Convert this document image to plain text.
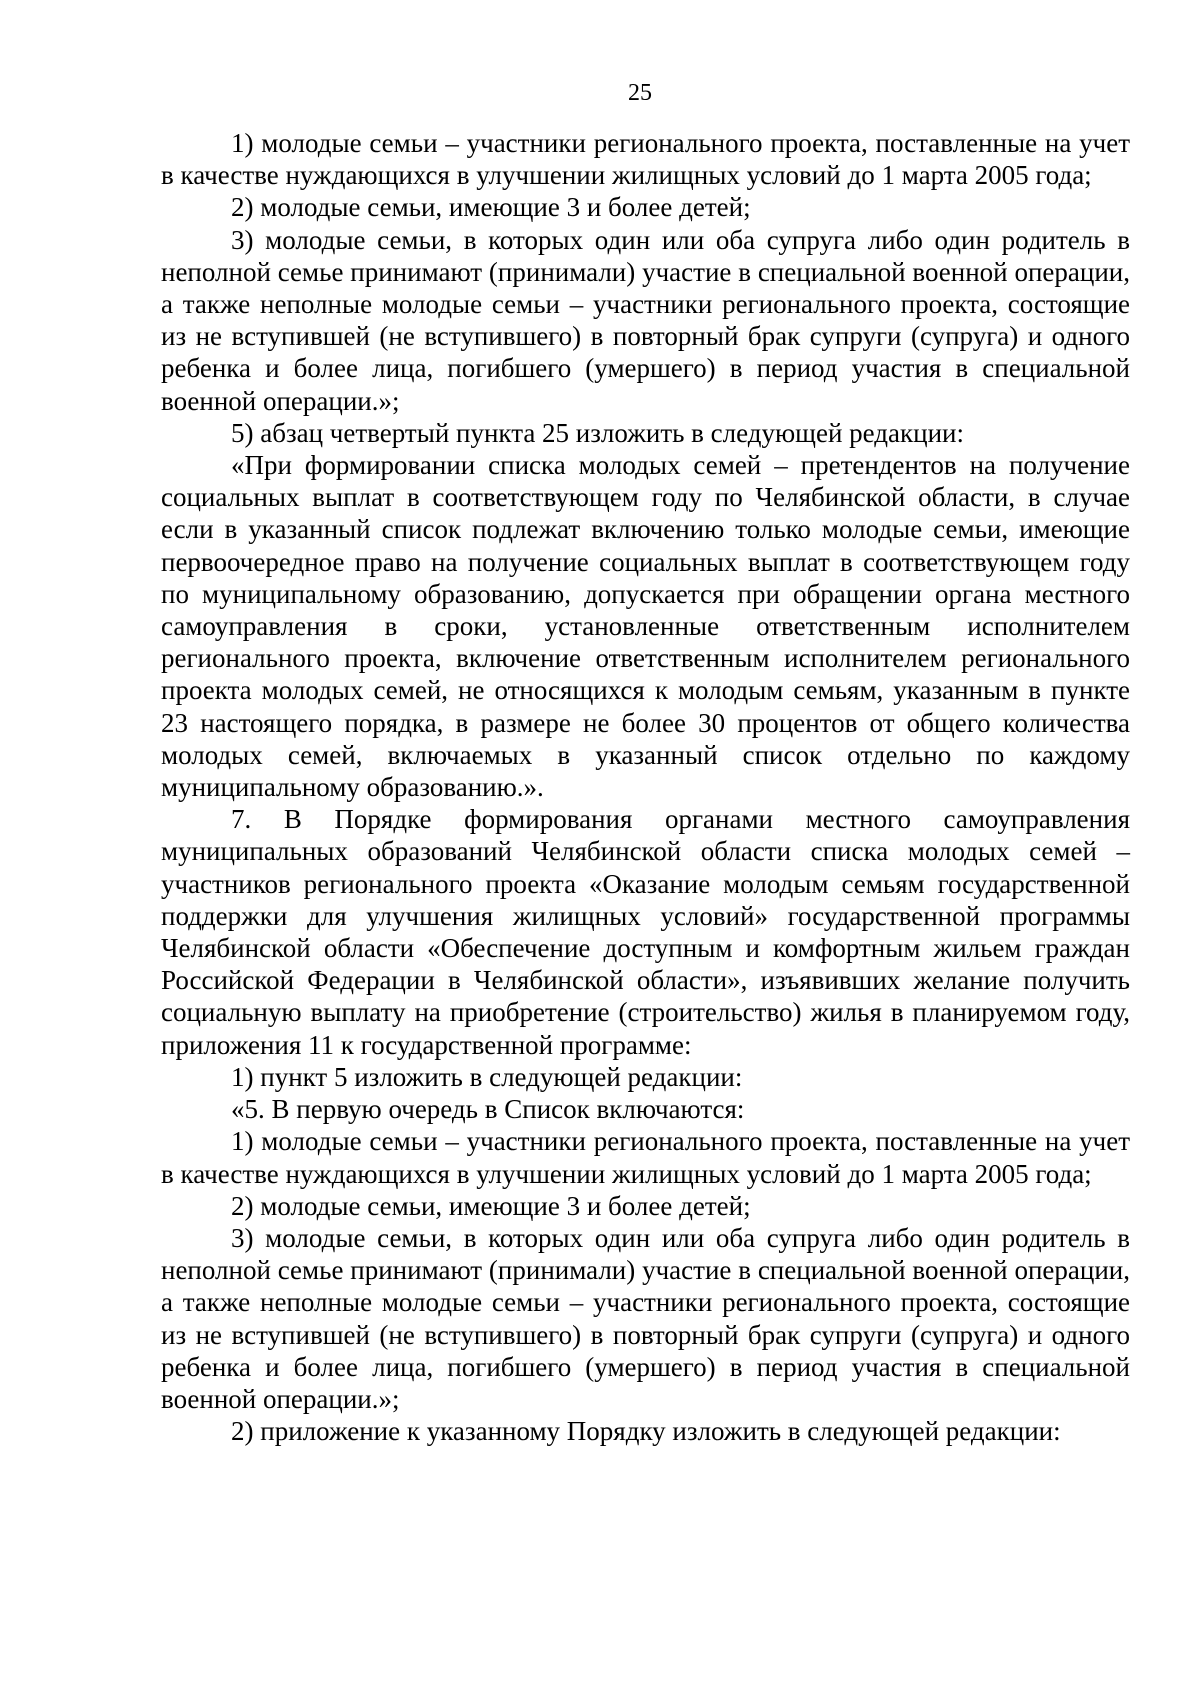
25

1) молодые семьи – участники регионального проекта, поставленные на учет в качестве нуждающихся в улучшении жилищных условий до 1 марта 2005 года;

2) молодые семьи, имеющие 3 и более детей;

3) молодые семьи, в которых один или оба супруга либо один родитель в неполной семье принимают (принимали) участие в специальной военной операции, а также неполные молодые семьи – участники регионального проекта, состоящие из не вступившей (не вступившего) в повторный брак супруги (супруга) и одного ребенка и более лица, погибшего (умершего) в период участия в специальной военной операции.»;

5) абзац четвертый пункта 25 изложить в следующей редакции:

«При формировании списка молодых семей – претендентов на получение социальных выплат в соответствующем году по Челябинской области, в случае если в указанный список подлежат включению только молодые семьи, имеющие первоочередное право на получение социальных выплат в соответствующем году по муниципальному образованию, допускается при обращении органа местного самоуправления в сроки, установленные ответственным исполнителем регионального проекта, включение ответственным исполнителем регионального проекта молодых семей, не относящихся к молодым семьям, указанным в пункте 23 настоящего порядка, в размере не более 30 процентов от общего количества молодых семей, включаемых в указанный список отдельно по каждому муниципальному образованию.».

7. В Порядке формирования органами местного самоуправления муниципальных образований Челябинской области списка молодых семей – участников регионального проекта «Оказание молодым семьям государственной поддержки для улучшения жилищных условий» государственной программы Челябинской области «Обеспечение доступным и комфортным жильем граждан Российской Федерации в Челябинской области», изъявивших желание получить социальную выплату на приобретение (строительство) жилья в планируемом году, приложения 11 к государственной программе:

1) пункт 5 изложить в следующей редакции:

«5. В первую очередь в Список включаются:

1) молодые семьи – участники регионального проекта, поставленные на учет в качестве нуждающихся в улучшении жилищных условий до 1 марта 2005 года;

2) молодые семьи, имеющие 3 и более детей;

3) молодые семьи, в которых один или оба супруга либо один родитель в неполной семье принимают (принимали) участие в специальной военной операции, а также неполные молодые семьи – участники регионального проекта, состоящие из не вступившей (не вступившего) в повторный брак супруги (супруга) и одного ребенка и более лица, погибшего (умершего) в период участия в специальной военной операции.»;

2) приложение к указанному Порядку изложить в следующей редакции:
